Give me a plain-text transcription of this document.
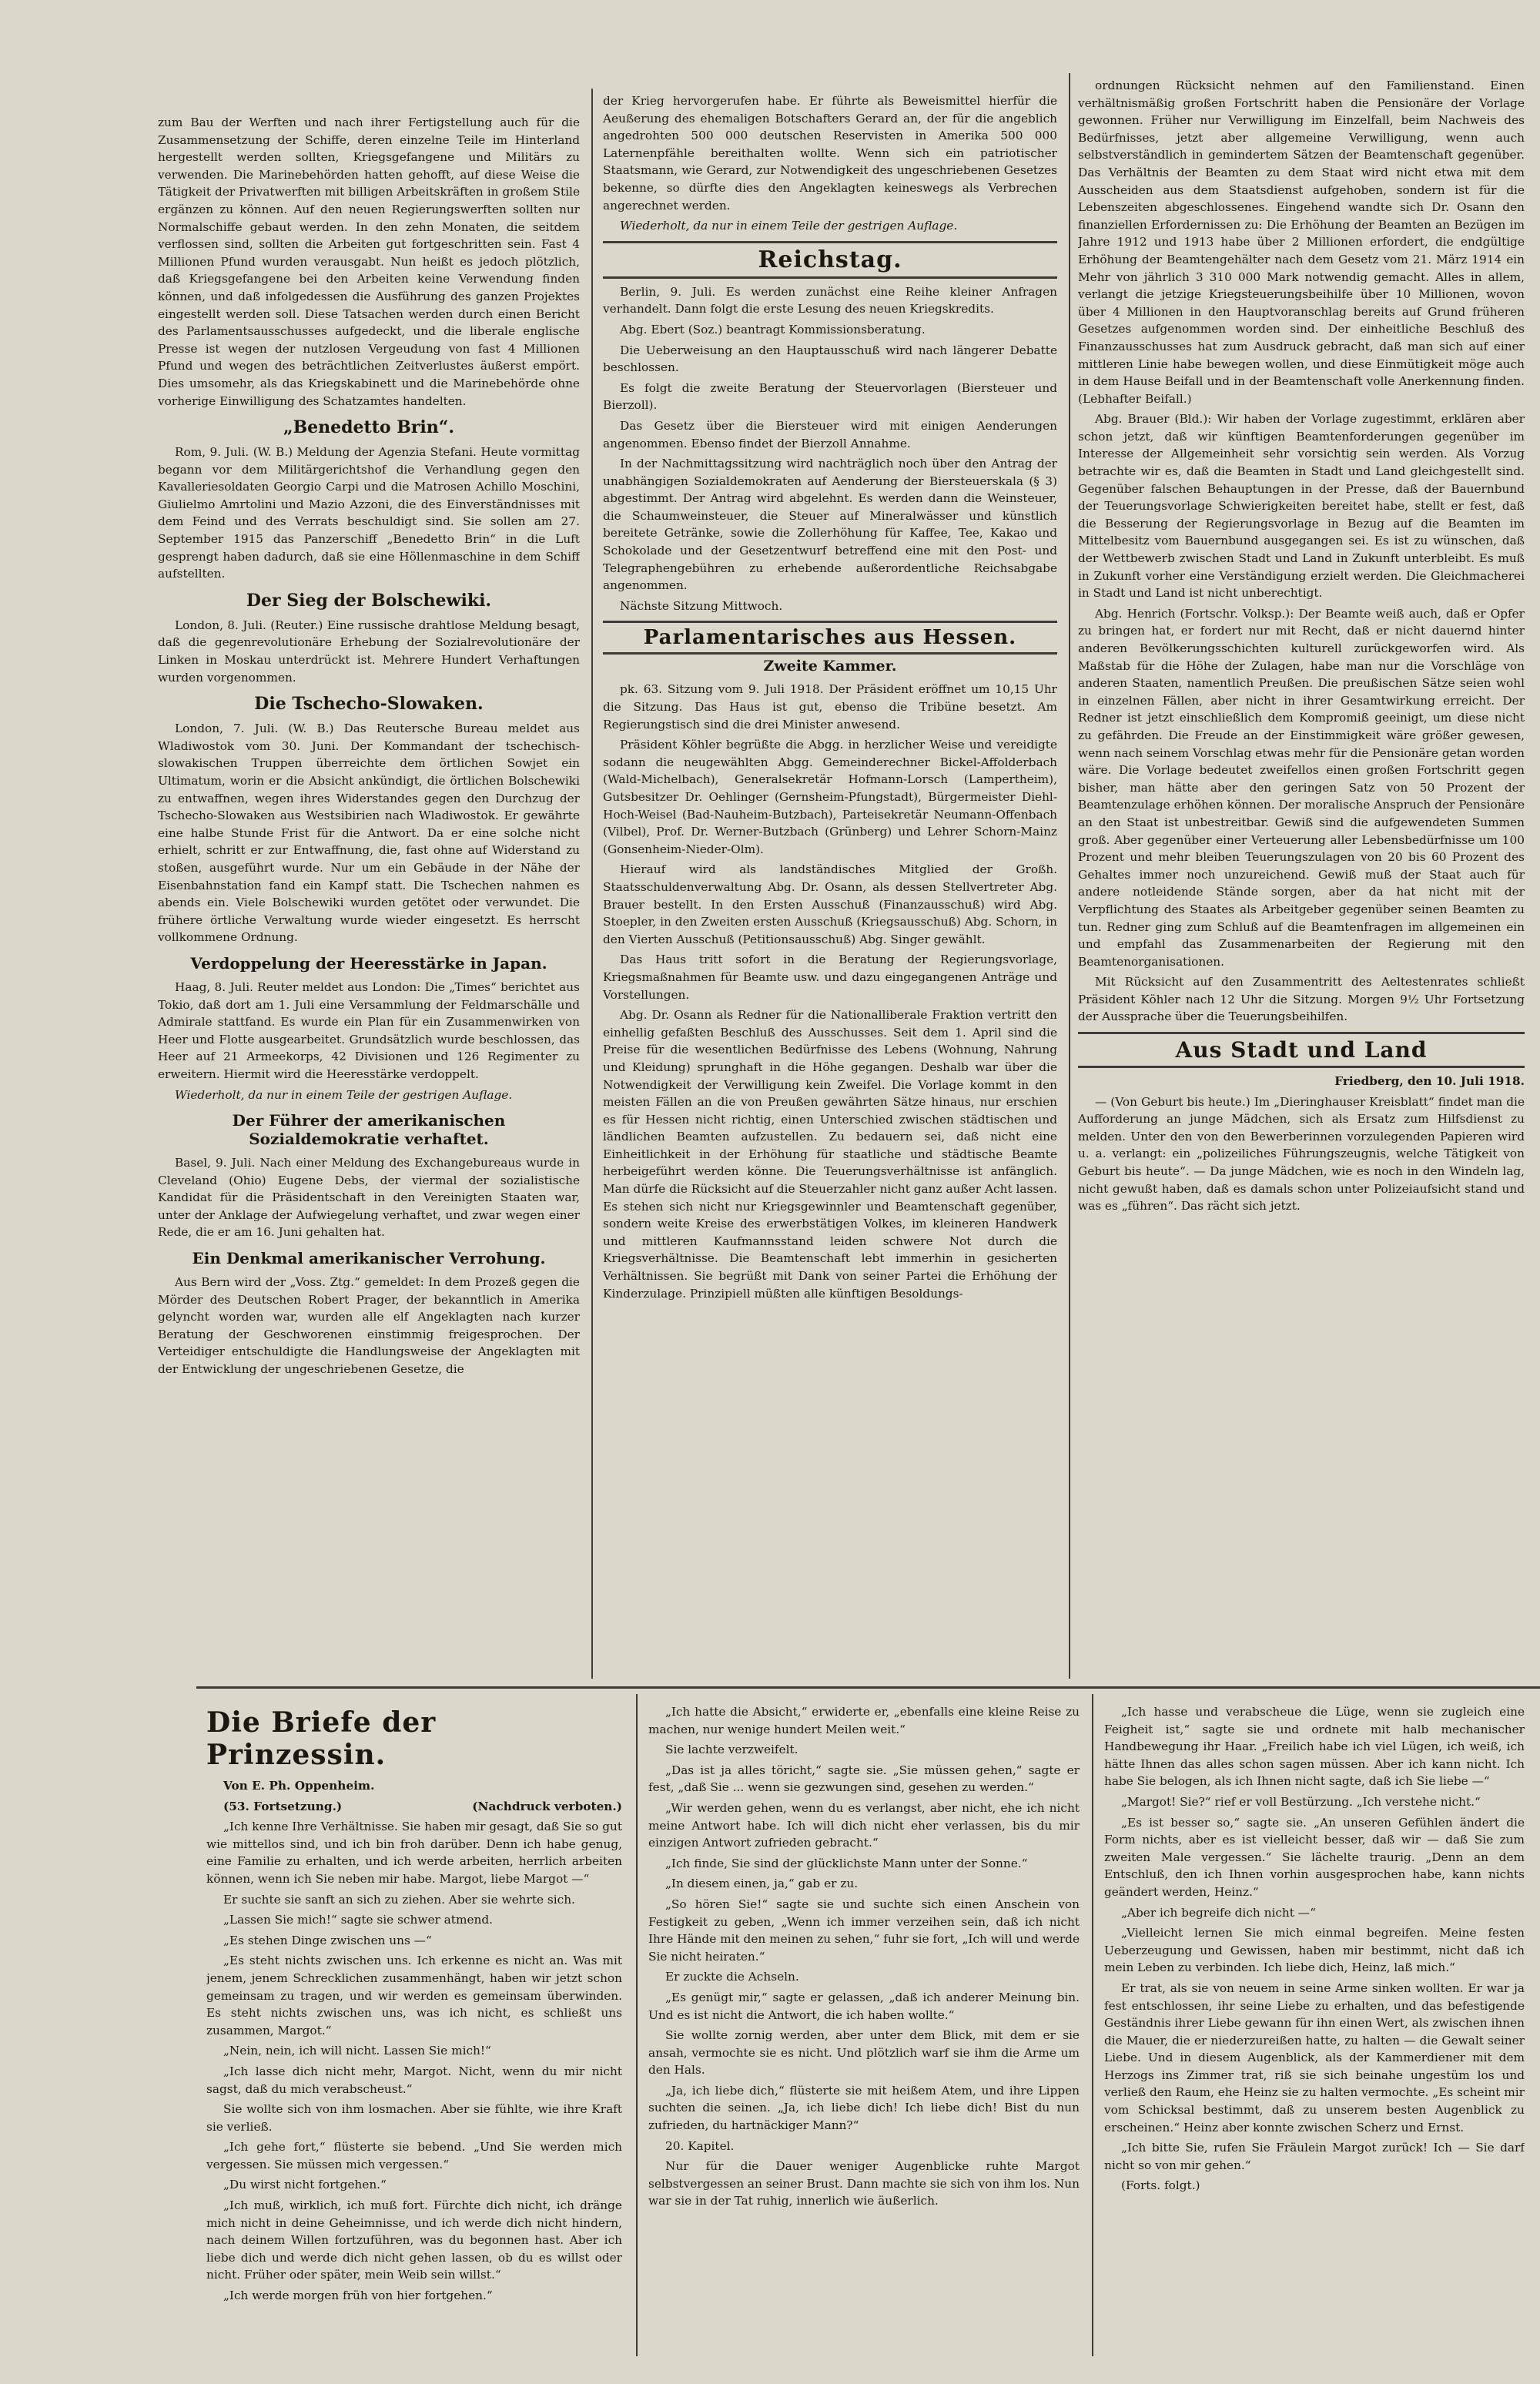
zum Bau der Werften und nach ihrer Fertigstellung auch für die Zusammensetzung der Schiffe, deren einzelne Teile im Hinterland hergestellt werden sollten, Kriegsgefangene und Militärs zu verwenden. Die Marinebehörden hatten gehofft, auf diese Weise die Tätigkeit der Privatwerften mit billigen Arbeitskräften in großem Stile ergänzen zu können. Auf den neuen Regierungswerften sollten nur Normalschiffe gebaut werden. In den zehn Monaten, die seitdem verflossen sind, sollten die Arbeiten gut fortgeschritten sein. Fast 4 Millionen Pfund wurden verausgabt. Nun heißt es jedoch plötzlich, daß Kriegsgefangene bei den Arbeiten keine Verwendung finden können, und daß infolgedessen die Ausführung des ganzen Projektes eingestellt werden soll. Diese Tatsachen werden durch einen Bericht des Parlamentsausschusses aufgedeckt, und die liberale englische Presse ist wegen der nutzlosen Vergeudung von fast 4 Millionen Pfund und wegen des beträchtlichen Zeitverlustes äußerst empört. Dies umsomehr, als das Kriegskabinett und die Marinebehörde ohne vorherige Einwilligung des Schatzamtes handelten.

„Benedetto Brin“.

Rom, 9. Juli. (W. B.) Meldung der Agenzia Stefani. Heute vormittag begann vor dem Militärgerichtshof die Verhandlung gegen den Kavalleriesoldaten Georgio Carpi und die Matrosen Achillo Moschini, Giulielmo Amrtolini und Mazio Azzoni, die des Einverständnisses mit dem Feind und des Verrats beschuldigt sind. Sie sollen am 27. September 1915 das Panzerschiff „Benedetto Brin“ in die Luft gesprengt haben dadurch, daß sie eine Höllenmaschine in dem Schiff aufstellten.

Der Sieg der Bolschewiki.

London, 8. Juli. (Reuter.) Eine russische drahtlose Meldung besagt, daß die gegenrevolutionäre Erhebung der Sozialrevolutionäre der Linken in Moskau unterdrückt ist. Mehrere Hundert Verhaftungen wurden vorgenommen.

Die Tschecho-Slowaken.

London, 7. Juli. (W. B.) Das Reutersche Bureau meldet aus Wladiwostok vom 30. Juni. Der Kommandant der tschechisch-slowakischen Truppen überreichte dem örtlichen Sowjet ein Ultimatum, worin er die Absicht ankündigt, die örtlichen Bolschewiki zu entwaffnen, wegen ihres Widerstandes gegen den Durchzug der Tschecho-Slowaken aus Westsibirien nach Wladiwostok. Er gewährte eine halbe Stunde Frist für die Antwort. Da er eine solche nicht erhielt, schritt er zur Entwaffnung, die, fast ohne auf Widerstand zu stoßen, ausgeführt wurde. Nur um ein Gebäude in der Nähe der Eisenbahnstation fand ein Kampf statt. Die Tschechen nahmen es abends ein. Viele Bolschewiki wurden getötet oder verwundet. Die frühere örtliche Verwaltung wurde wieder eingesetzt. Es herrscht vollkommene Ordnung.

Verdoppelung der Heeresstärke in Japan.

Haag, 8. Juli. Reuter meldet aus London: Die „Times“ berichtet aus Tokio, daß dort am 1. Juli eine Versammlung der Feldmarschälle und Admirale stattfand. Es wurde ein Plan für ein Zusammenwirken von Heer und Flotte ausgearbeitet. Grundsätzlich wurde beschlossen, das Heer auf 21 Armeekorps, 42 Divisionen und 126 Regimenter zu erweitern. Hiermit wird die Heeresstärke verdoppelt.

Wiederholt, da nur in einem Teile der gestrigen Auflage.

Der Führer der amerikanischen Sozialdemokratie verhaftet.

Basel, 9. Juli. Nach einer Meldung des Exchangebureaus wurde in Cleveland (Ohio) Eugene Debs, der viermal der sozialistische Kandidat für die Präsidentschaft in den Vereinigten Staaten war, unter der Anklage der Aufwiegelung verhaftet, und zwar wegen einer Rede, die er am 16. Juni gehalten hat.

Ein Denkmal amerikanischer Verrohung.

Aus Bern wird der „Voss. Ztg.“ gemeldet: In dem Prozeß gegen die Mörder des Deutschen Robert Prager, der bekanntlich in Amerika gelyncht worden war, wurden alle elf Angeklagten nach kurzer Beratung der Geschworenen einstimmig freigesprochen. Der Verteidiger entschuldigte die Handlungsweise der Angeklagten mit der Entwicklung der ungeschriebenen Gesetze, die

der Krieg hervorgerufen habe. Er führte als Beweismittel hierfür die Aeußerung des ehemaligen Botschafters Gerard an, der für die angeblich angedrohten 500 000 deutschen Reservisten in Amerika 500 000 Laternenpfähle bereithalten wollte. Wenn sich ein patriotischer Staatsmann, wie Gerard, zur Notwendigkeit des ungeschriebenen Gesetzes bekenne, so dürfte dies den Angeklagten keineswegs als Verbrechen angerechnet werden.

Wiederholt, da nur in einem Teile der gestrigen Auflage.

Reichstag.

Berlin, 9. Juli. Es werden zunächst eine Reihe kleiner Anfragen verhandelt. Dann folgt die erste Lesung des neuen Kriegskredits.

Abg. Ebert (Soz.) beantragt Kommissionsberatung.

Die Ueberweisung an den Hauptausschuß wird nach längerer Debatte beschlossen.

Es folgt die zweite Beratung der Steuervorlagen (Biersteuer und Bierzoll).

Das Gesetz über die Biersteuer wird mit einigen Aenderungen angenommen. Ebenso findet der Bierzoll Annahme.

In der Nachmittagssitzung wird nachträglich noch über den Antrag der unabhängigen Sozialdemokraten auf Aenderung der Biersteuerskala (§ 3) abgestimmt. Der Antrag wird abgelehnt. Es werden dann die Weinsteuer, die Schaumweinsteuer, die Steuer auf Mineralwässer und künstlich bereitete Getränke, sowie die Zollerhöhung für Kaffee, Tee, Kakao und Schokolade und der Gesetzentwurf betreffend eine mit den Post- und Telegraphengebühren zu erhebende außerordentliche Reichsabgabe angenommen.

Nächste Sitzung Mittwoch.

Parlamentarisches aus Hessen.
Zweite Kammer.

pk. 63. Sitzung vom 9. Juli 1918. Der Präsident eröffnet um 10,15 Uhr die Sitzung. Das Haus ist gut, ebenso die Tribüne besetzt. Am Regierungstisch sind die drei Minister anwesend.

Präsident Köhler begrüßte die Abgg. in herzlicher Weise und vereidigte sodann die neugewählten Abgg. Gemeinderechner Bickel-Affolderbach (Wald-Michelbach), Generalsekretär Hofmann-Lorsch (Lampertheim), Gutsbesitzer Dr. Oehlinger (Gernsheim-Pfungstadt), Bürgermeister Diehl-Hoch-Weisel (Bad-Nauheim-Butzbach), Parteisekretär Neumann-Offenbach (Vilbel), Prof. Dr. Werner-Butzbach (Grünberg) und Lehrer Schorn-Mainz (Gonsenheim-Nieder-Olm).

Hierauf wird als landständisches Mitglied der Großh. Staatsschuldenverwaltung Abg. Dr. Osann, als dessen Stellvertreter Abg. Brauer bestellt. In den Ersten Ausschuß (Finanzausschuß) wird Abg. Stoepler, in den Zweiten ersten Ausschuß (Kriegsausschuß) Abg. Schorn, in den Vierten Ausschuß (Petitionsausschuß) Abg. Singer gewählt.

Das Haus tritt sofort in die Beratung der Regierungsvorlage, Kriegsmaßnahmen für Beamte usw. und dazu eingegangenen Anträge und Vorstellungen.

Abg. Dr. Osann als Redner für die Nationalliberale Fraktion vertritt den einhellig gefaßten Beschluß des Ausschusses. Seit dem 1. April sind die Preise für die wesentlichen Bedürfnisse des Lebens (Wohnung, Nahrung und Kleidung) sprunghaft in die Höhe gegangen. Deshalb war über die Notwendigkeit der Verwilligung kein Zweifel. Die Vorlage kommt in den meisten Fällen an die von Preußen gewährten Sätze hinaus, nur erschien es für Hessen nicht richtig, einen Unterschied zwischen städtischen und ländlichen Beamten aufzustellen. Zu bedauern sei, daß nicht eine Einheitlichkeit in der Erhöhung für staatliche und städtische Beamte herbeigeführt werden könne. Die Teuerungsverhältnisse ist anfänglich. Man dürfe die Rücksicht auf die Steuerzahler nicht ganz außer Acht lassen. Es stehen sich nicht nur Kriegsgewinnler und Beamtenschaft gegenüber, sondern weite Kreise des erwerbstätigen Volkes, im kleineren Handwerk und mittleren Kaufmannsstand leiden schwere Not durch die Kriegsverhältnisse. Die Beamtenschaft lebt immerhin in gesicherten Verhältnissen. Sie begrüßt mit Dank von seiner Partei die Erhöhung der Kinderzulage. Prinzipiell müßten alle künftigen Besoldungs-

ordnungen Rücksicht nehmen auf den Familienstand. Einen verhältnismäßig großen Fortschritt haben die Pensionäre der Vorlage gewonnen. Früher nur Verwilligung im Einzelfall, beim Nachweis des Bedürfnisses, jetzt aber allgemeine Verwilligung, wenn auch selbstverständlich in gemindertem Sätzen der Beamtenschaft gegenüber. Das Verhältnis der Beamten zu dem Staat wird nicht etwa mit dem Ausscheiden aus dem Staatsdienst aufgehoben, sondern ist für die Lebenszeiten abgeschlossenes. Eingehend wandte sich Dr. Osann den finanziellen Erfordernissen zu: Die Erhöhung der Beamten an Bezügen im Jahre 1912 und 1913 habe über 2 Millionen erfordert, die endgültige Erhöhung der Beamtengehälter nach dem Gesetz vom 21. März 1914 ein Mehr von jährlich 3 310 000 Mark notwendig gemacht. Alles in allem, verlangt die jetzige Kriegsteuerungsbeihilfe über 10 Millionen, wovon über 4 Millionen in den Hauptvoranschlag bereits auf Grund früheren Gesetzes aufgenommen worden sind. Der einheitliche Beschluß des Finanzausschusses hat zum Ausdruck gebracht, daß man sich auf einer mittleren Linie habe bewegen wollen, und diese Einmütigkeit möge auch in dem Hause Beifall und in der Beamtenschaft volle Anerkennung finden. (Lebhafter Beifall.)

Abg. Brauer (Bld.): Wir haben der Vorlage zugestimmt, erklären aber schon jetzt, daß wir künftigen Beamtenforderungen gegenüber im Interesse der Allgemeinheit sehr vorsichtig sein werden. Als Vorzug betrachte wir es, daß die Beamten in Stadt und Land gleichgestellt sind. Gegenüber falschen Behauptungen in der Presse, daß der Bauernbund der Teuerungsvorlage Schwierigkeiten bereitet habe, stellt er fest, daß die Besserung der Regierungsvorlage in Bezug auf die Beamten im Mittelbesitz vom Bauernbund ausgegangen sei. Es ist zu wünschen, daß der Wettbewerb zwischen Stadt und Land in Zukunft unterbleibt. Es muß in Zukunft vorher eine Verständigung erzielt werden. Die Gleichmacherei in Stadt und Land ist nicht unberechtigt.

Abg. Henrich (Fortschr. Volksp.): Der Beamte weiß auch, daß er Opfer zu bringen hat, er fordert nur mit Recht, daß er nicht dauernd hinter anderen Bevölkerungsschichten kulturell zurückgeworfen wird. Als Maßstab für die Höhe der Zulagen, habe man nur die Vorschläge von anderen Staaten, namentlich Preußen. Die preußischen Sätze seien wohl in einzelnen Fällen, aber nicht in ihrer Gesamtwirkung erreicht. Der Redner ist jetzt einschließlich dem Kompromiß geeinigt, um diese nicht zu gefährden. Die Freude an der Einstimmigkeit wäre größer gewesen, wenn nach seinem Vorschlag etwas mehr für die Pensionäre getan worden wäre. Die Vorlage bedeutet zweifellos einen großen Fortschritt gegen bisher, man hätte aber den geringen Satz von 50 Prozent der Beamtenzulage erhöhen können. Der moralische Anspruch der Pensionäre an den Staat ist unbestreitbar. Gewiß sind die aufgewendeten Summen groß. Aber gegenüber einer Verteuerung aller Lebensbedürfnisse um 100 Prozent und mehr bleiben Teuerungszulagen von 20 bis 60 Prozent des Gehaltes immer noch unzureichend. Gewiß muß der Staat auch für andere notleidende Stände sorgen, aber da hat nicht mit der Verpflichtung des Staates als Arbeitgeber gegenüber seinen Beamten zu tun. Redner ging zum Schluß auf die Beamtenfragen im allgemeinen ein und empfahl das Zusammenarbeiten der Regierung mit den Beamtenorganisationen.

Mit Rücksicht auf den Zusammentritt des Aeltestenrates schließt Präsident Köhler nach 12 Uhr die Sitzung. Morgen 9½ Uhr Fortsetzung der Aussprache über die Teuerungsbeihilfen.

Aus Stadt und Land

Friedberg, den 10. Juli 1918.

— (Von Geburt bis heute.) Im „Dieringhauser Kreisblatt“ findet man die Aufforderung an junge Mädchen, sich als Ersatz zum Hilfsdienst zu melden. Unter den von den Bewerberinnen vorzulegenden Papieren wird u. a. verlangt: ein „polizeiliches Führungszeugnis, welche Tätigkeit von Geburt bis heute“. — Da junge Mädchen, wie es noch in den Windeln lag, nicht gewußt haben, daß es damals schon unter Polizeiaufsicht stand und was es „führen“. Das rächt sich jetzt.

Die Briefe der Prinzessin.

Von E. Ph. Oppenheim.

(53. Fortsetzung.)	(Nachdruck verboten.)

„Ich kenne Ihre Verhältnisse. Sie haben mir gesagt, daß Sie so gut wie mittellos sind, und ich bin froh darüber. Denn ich habe genug, eine Familie zu erhalten, und ich werde arbeiten, herrlich arbeiten können, wenn ich Sie neben mir habe. Margot, liebe Margot —“

Er suchte sie sanft an sich zu ziehen. Aber sie wehrte sich.

„Lassen Sie mich!“ sagte sie schwer atmend.

„Es stehen Dinge zwischen uns —“

„Es steht nichts zwischen uns. Ich erkenne es nicht an. Was mit jenem, jenem Schrecklichen zusammenhängt, haben wir jetzt schon gemeinsam zu tragen, und wir werden es gemeinsam überwinden. Es steht nichts zwischen uns, was ich nicht, es schließt uns zusammen, Margot.“

„Nein, nein, ich will nicht. Lassen Sie mich!“

„Ich lasse dich nicht mehr, Margot. Nicht, wenn du mir nicht sagst, daß du mich verabscheust.“

Sie wollte sich von ihm losmachen. Aber sie fühlte, wie ihre Kraft sie verließ.

„Ich gehe fort,“ flüsterte sie bebend. „Und Sie werden mich vergessen. Sie müssen mich vergessen.“

„Du wirst nicht fortgehen.“

„Ich muß, wirklich, ich muß fort. Fürchte dich nicht, ich dränge mich nicht in deine Geheimnisse, und ich werde dich nicht hindern, nach deinem Willen fortzuführen, was du begonnen hast. Aber ich liebe dich und werde dich nicht gehen lassen, ob du es willst oder nicht. Früher oder später, mein Weib sein willst.“

„Ich werde morgen früh von hier fortgehen.“

„Ich hatte die Absicht,“ erwiderte er, „ebenfalls eine kleine Reise zu machen, nur wenige hundert Meilen weit.“

Sie lachte verzweifelt.

„Das ist ja alles töricht,“ sagte sie. „Sie müssen gehen,“ sagte er fest, „daß Sie ... wenn sie gezwungen sind, gesehen zu werden.“

„Wir werden gehen, wenn du es verlangst, aber nicht, ehe ich nicht meine Antwort habe. Ich will dich nicht eher verlassen, bis du mir einzigen Antwort zufrieden gebracht.“

„Ich finde, Sie sind der glücklichste Mann unter der Sonne.“

„In diesem einen, ja,“ gab er zu.

„So hören Sie!“ sagte sie und suchte sich einen Anschein von Festigkeit zu geben, „Wenn ich immer verzeihen sein, daß ich nicht Ihre Hände mit den meinen zu sehen,“ fuhr sie fort, „Ich will und werde Sie nicht heiraten.“

Er zuckte die Achseln.

„Es genügt mir,“ sagte er gelassen, „daß ich anderer Meinung bin. Und es ist nicht die Antwort, die ich haben wollte.“

Sie wollte zornig werden, aber unter dem Blick, mit dem er sie ansah, vermochte sie es nicht. Und plötzlich warf sie ihm die Arme um den Hals.

„Ja, ich liebe dich,“ flüsterte sie mit heißem Atem, und ihre Lippen suchten die seinen. „Ja, ich liebe dich! Ich liebe dich! Bist du nun zufrieden, du hartnäckiger Mann?“

20. Kapitel.

Nur für die Dauer weniger Augenblicke ruhte Margot selbstvergessen an seiner Brust. Dann machte sie sich von ihm los. Nun war sie in der Tat ruhig, innerlich wie äußerlich.

„Ich hasse und verabscheue die Lüge, wenn sie zugleich eine Feigheit ist,“ sagte sie und ordnete mit halb mechanischer Handbewegung ihr Haar. „Freilich habe ich viel Lügen, ich weiß, ich hätte Ihnen das alles schon sagen müssen. Aber ich kann nicht. Ich habe Sie belogen, als ich Ihnen nicht sagte, daß ich Sie liebe —“

„Margot! Sie?“ rief er voll Bestürzung. „Ich verstehe nicht.“

„Es ist besser so,“ sagte sie. „An unseren Gefühlen ändert die Form nichts, aber es ist vielleicht besser, daß wir — daß Sie zum zweiten Male vergessen.“ Sie lächelte traurig. „Denn an dem Entschluß, den ich Ihnen vorhin ausgesprochen habe, kann nichts geändert werden, Heinz.“

„Aber ich begreife dich nicht —“

„Vielleicht lernen Sie mich einmal begreifen. Meine festen Ueberzeugung und Gewissen, haben mir bestimmt, nicht daß ich mein Leben zu verbinden. Ich liebe dich, Heinz, laß mich.“

Er trat, als sie von neuem in seine Arme sinken wollten. Er war ja fest entschlossen, ihr seine Liebe zu erhalten, und das befestigende Geständnis ihrer Liebe gewann für ihn einen Wert, als zwischen ihnen die Mauer, die er niederzureißen hatte, zu halten — die Gewalt seiner Liebe. Und in diesem Augenblick, als der Kammerdiener mit dem Herzogs ins Zimmer trat, riß sie sich beinahe ungestüm los und verließ den Raum, ehe Heinz sie zu halten vermochte. „Es scheint mir vom Schicksal bestimmt, daß zu unserem besten Augenblick zu erscheinen.“ Heinz aber konnte zwischen Scherz und Ernst.

„Ich bitte Sie, rufen Sie Fräulein Margot zurück! Ich — Sie darf nicht so von mir gehen.“

(Forts. folgt.)
